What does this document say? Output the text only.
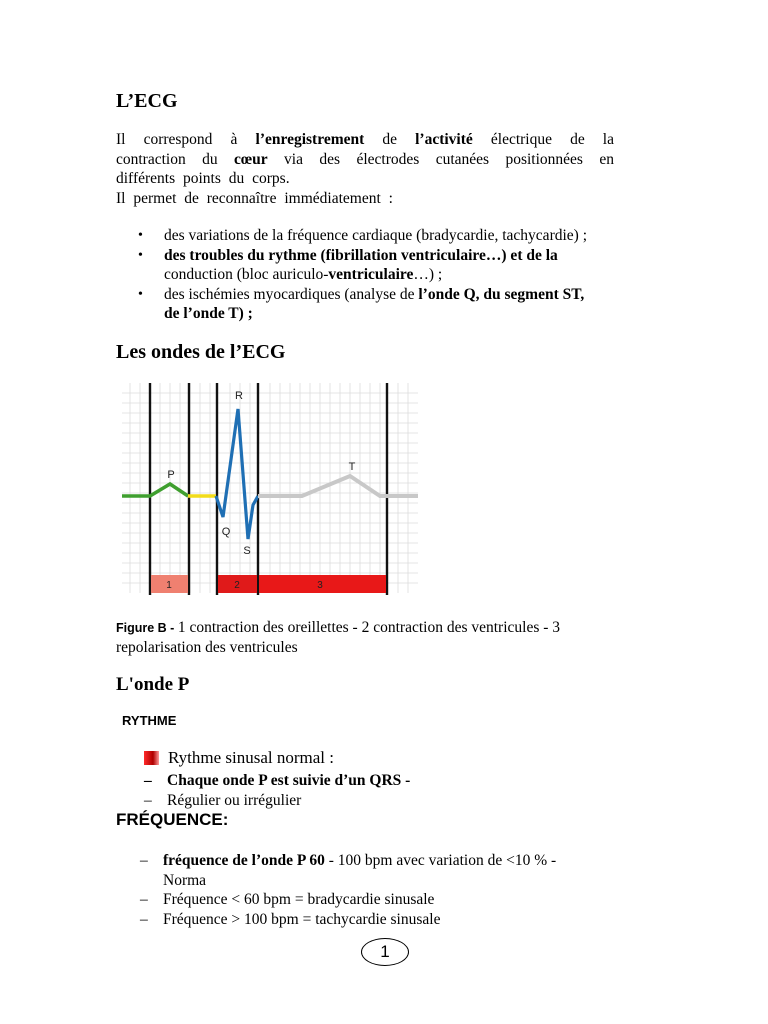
L’ECG
Il correspond à l’enregistrement de l’activité électrique de la
contraction du cœur via des électrodes cutanées positionnées en
différents points du corps.
Il permet de reconnaître immédiatement :
• des variations de la fréquence cardiaque (bradycardie, tachycardie) ;
• des troubles du rythme (fibrillation ventriculaire…) et de la
conduction (bloc auriculo-ventriculaire…) ;
• des ischémies myocardiques (analyse de l’onde Q, du segment ST,
de l’onde T) ;
Les ondes de l’ECG
1	2	3
R
P
T
Q
S
Figure B - 1 contraction des oreillettes - 2 contraction des ventricules - 3
repolarisation des ventricules
L'onde P
RYTHME
Rythme sinusal normal :
– Chaque onde P est suivie d’un QRS -
– Régulier ou irrégulier
FRÉQUENCE:
– fréquence de l’onde P 60 - 100 bpm avec variation de <10 % -
Norma
– Fréquence < 60 bpm = bradycardie sinusale
– Fréquence > 100 bpm = tachycardie sinusale
1
